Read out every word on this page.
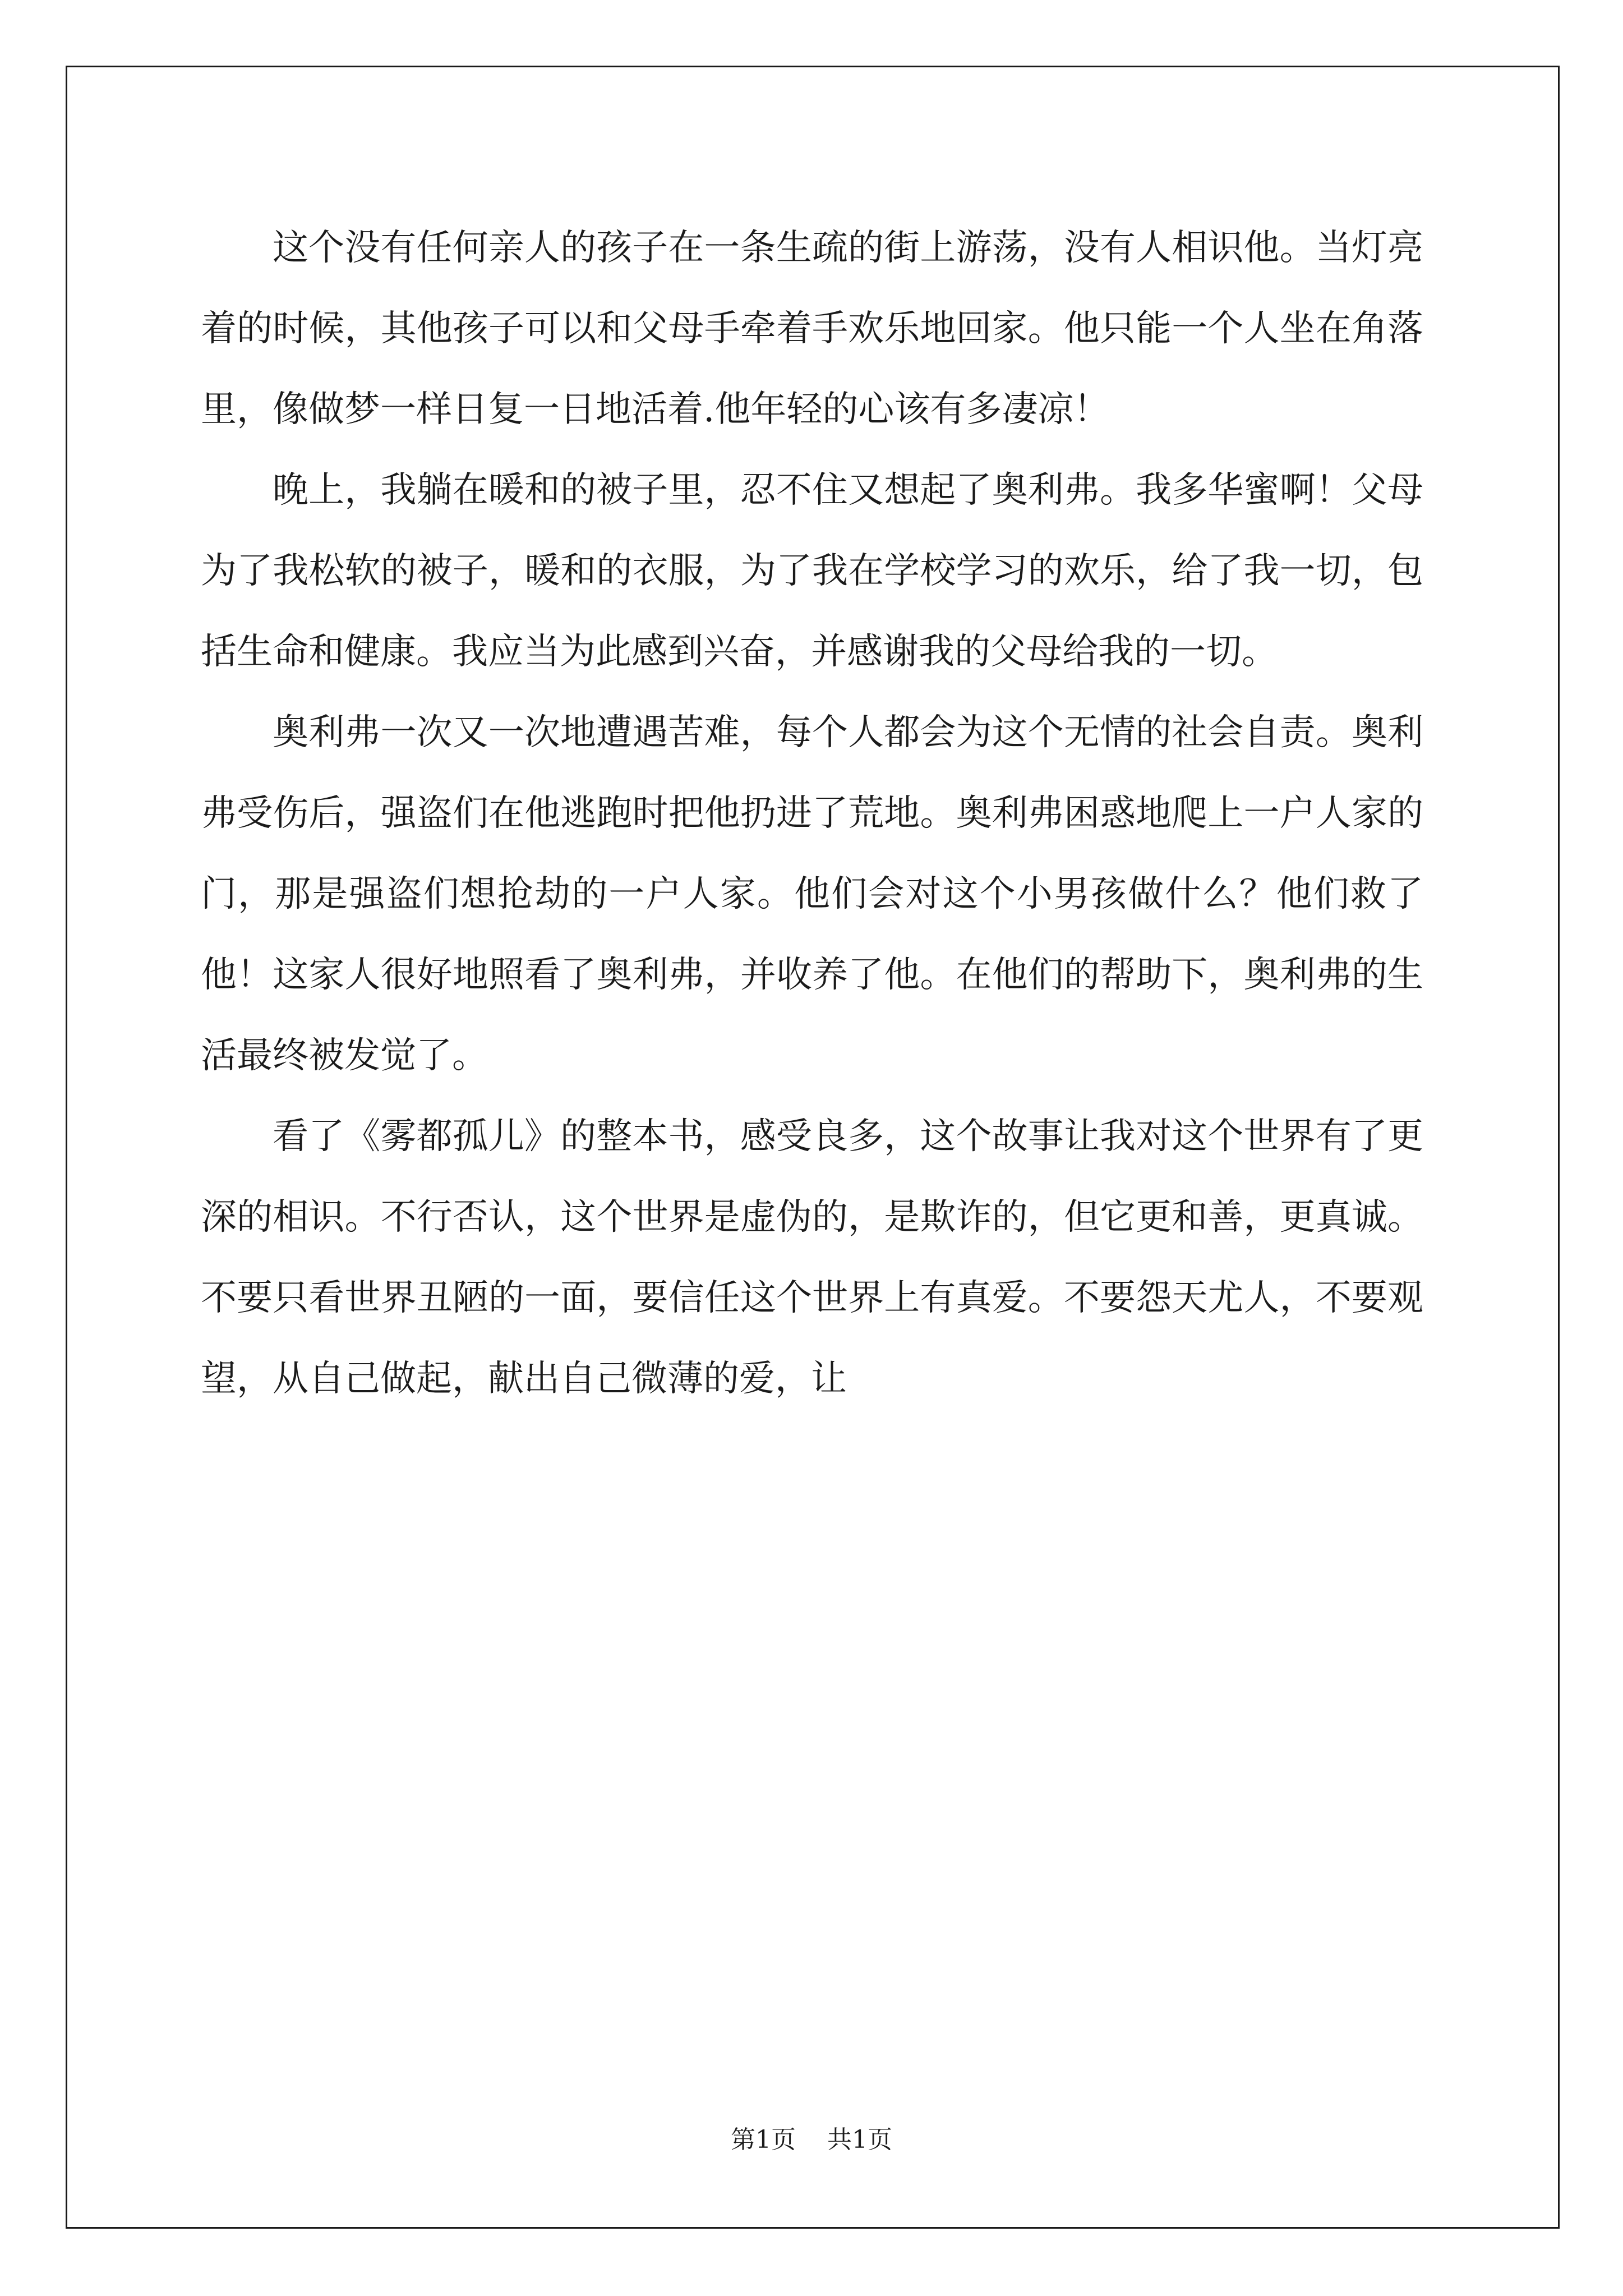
这个没有任何亲人的孩子在一条生疏的街上游荡，没有人相识他。当灯亮着的时候，其他孩子可以和父母手牵着手欢乐地回家。他只能一个人坐在角落里，像做梦一样日复一日地活着.他年轻的心该有多凄凉！

晚上，我躺在暖和的被子里，忍不住又想起了奥利弗。我多华蜜啊！父母为了我松软的被子，暖和的衣服，为了我在学校学习的欢乐，给了我一切，包括生命和健康。我应当为此感到兴奋，并感谢我的父母给我的一切。

奥利弗一次又一次地遭遇苦难，每个人都会为这个无情的社会自责。奥利弗受伤后，强盗们在他逃跑时把他扔进了荒地。奥利弗困惑地爬上一户人家的门，那是强盗们想抢劫的一户人家。他们会对这个小男孩做什么？他们救了他！这家人很好地照看了奥利弗，并收养了他。在他们的帮助下，奥利弗的生活最终被发觉了。

看了《雾都孤儿》的整本书，感受良多，这个故事让我对这个世界有了更深的相识。不行否认，这个世界是虚伪的，是欺诈的，但它更和善，更真诚。不要只看世界丑陋的一面，要信任这个世界上有真爱。不要怨天尤人，不要观望，从自己做起，献出自己微薄的爱，让

第1页 共1页
